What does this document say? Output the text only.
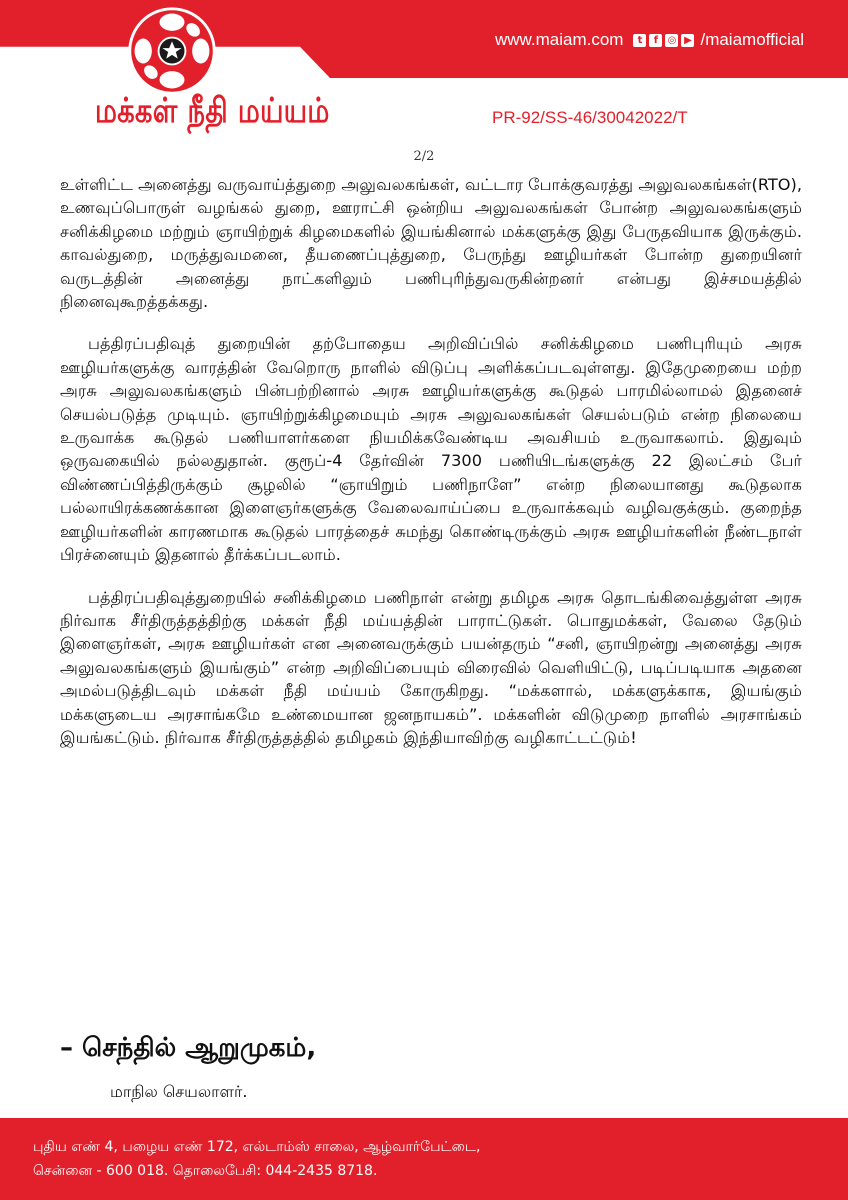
மக்கள் நீதி மய்யம்
www.maiam.com	t	f ◎ ▶ /maiamofficial
PR-92/SS-46/30042022/T
2/2

உள்ளிட்ட அனைத்து வருவாய்த்துறை அலுவலகங்கள், வட்டார போக்குவரத்து அலுவலகங்கள்(RTO), உணவுப்பொருள் வழங்கல் துறை, ஊராட்சி ஒன்றிய அலுவலகங்கள் போன்ற அலுவலகங்களும் சனிக்கிழமை மற்றும் ஞாயிற்றுக் கிழமைகளில் இயங்கினால் மக்களுக்கு இது பேருதவியாக இருக்கும். காவல்துறை, மருத்துவமனை, தீயணைப்புத்துறை, பேருந்து ஊழியர்கள் போன்ற துறையினர் வருடத்தின் அனைத்து நாட்களிலும் பணிபுரிந்துவருகின்றனர் என்பது இச்சமயத்தில் நினைவுகூறத்தக்கது.

பத்திரப்பதிவுத் துறையின் தற்போதைய அறிவிப்பில் சனிக்கிழமை பணிபுரியும் அரசு ஊழியர்களுக்கு வாரத்தின் வேறொரு நாளில் விடுப்பு அளிக்கப்படவுள்ளது. இதேமுறையை மற்ற அரசு அலுவலகங்களும் பின்பற்றினால் அரசு ஊழியர்களுக்கு கூடுதல் பாரமில்லாமல் இதனைச் செயல்படுத்த முடியும். ஞாயிற்றுக்கிழமையும் அரசு அலுவலகங்கள் செயல்படும் என்ற நிலையை உருவாக்க கூடுதல் பணியாளர்களை நியமிக்கவேண்டிய அவசியம் உருவாகலாம். இதுவும் ஒருவகையில் நல்லதுதான். குரூப்-4 தேர்வின் 7300 பணியிடங்களுக்கு 22 இலட்சம் பேர் விண்ணப்பித்திருக்கும் சூழலில் “ஞாயிறும் பணிநாளே” என்ற நிலையானது கூடுதலாக பல்லாயிரக்கணக்கான இளைஞர்களுக்கு வேலைவாய்ப்பை உருவாக்கவும் வழிவகுக்கும். குறைந்த ஊழியர்களின் காரணமாக கூடுதல் பாரத்தைச் சுமந்து கொண்டிருக்கும் அரசு ஊழியர்களின் நீண்டநாள் பிரச்னையும் இதனால் தீர்க்கப்படலாம்.

பத்திரப்பதிவுத்துறையில் சனிக்கிழமை பணிநாள் என்று தமிழக அரசு தொடங்கிவைத்துள்ள அரசு நிர்வாக சீர்திருத்தத்திற்கு மக்கள் நீதி மய்யத்தின் பாராட்டுகள். பொதுமக்கள், வேலை தேடும் இளைஞர்கள், அரசு ஊழியர்கள் என அனைவருக்கும் பயன்தரும் “சனி, ஞாயிறன்று அனைத்து அரசு அலுவலகங்களும் இயங்கும்” என்ற அறிவிப்பையும் விரைவில் வெளியிட்டு, படிப்படியாக அதனை அமல்படுத்திடவும் மக்கள் நீதி மய்யம் கோருகிறது. “மக்களால், மக்களுக்காக, இயங்கும் மக்களுடைய அரசாங்கமே உண்மையான ஜனநாயகம்”. மக்களின் விடுமுறை நாளில் அரசாங்கம் இயங்கட்டும். நிர்வாக சீர்திருத்தத்தில் தமிழகம் இந்தியாவிற்கு வழிகாட்டட்டும்!

– செந்தில் ஆறுமுகம்,
மாநில செயலாளர்.
புதிய எண் 4, பழைய எண் 172, எல்டாம்ஸ் சாலை, ஆழ்வார்பேட்டை,
சென்னை - 600 018. தொலைபேசி: 044-2435 8718.
